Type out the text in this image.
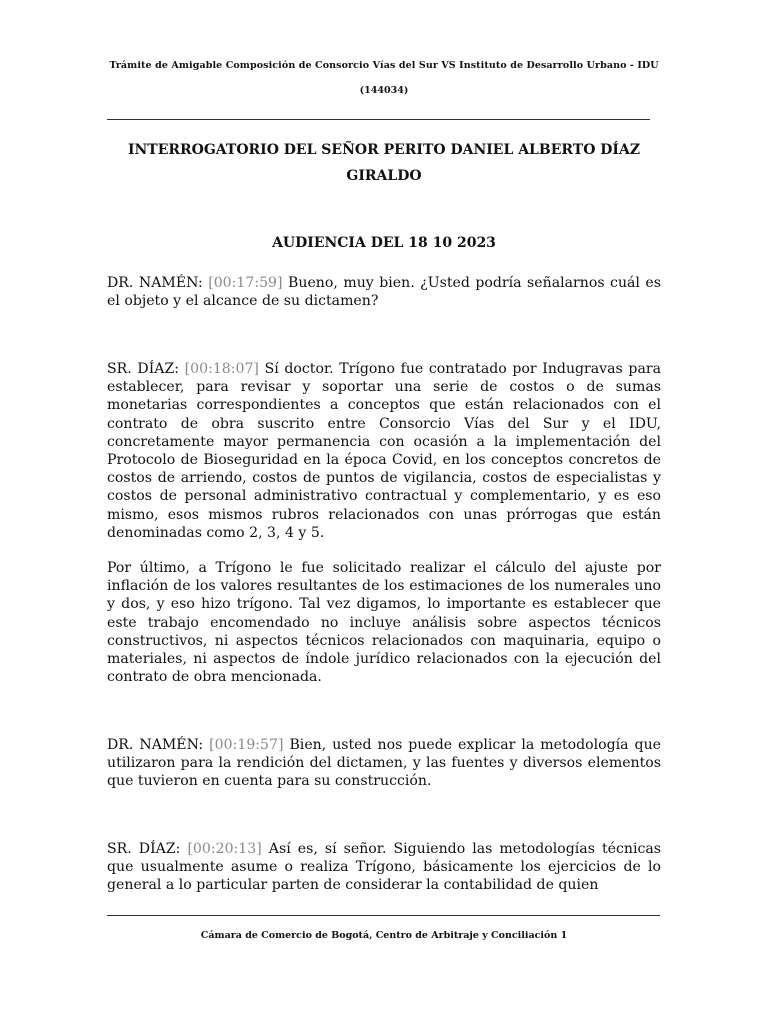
Trámite de Amigable Composición de Consorcio Vías del Sur VS Instituto de Desarrollo Urbano - IDU
(144034)
INTERROGATORIO DEL SEÑOR PERITO DANIEL ALBERTO DÍAZ GIRALDO
AUDIENCIA DEL 18 10 2023

DR. NAMÉN: [00:17:59] Bueno, muy bien. ¿Usted podría señalarnos cuál es el objeto y el alcance de su dictamen?

SR. DÍAZ: [00:18:07] Sí doctor. Trígono fue contratado por Indugravas para establecer, para revisar y soportar una serie de costos o de sumas monetarias correspondientes a conceptos que están relacionados con el contrato de obra suscrito entre Consorcio Vías del Sur y el IDU, concretamente mayor permanencia con ocasión a la implementación del Protocolo de Bioseguridad en la época Covid, en los conceptos concretos de costos de arriendo, costos de puntos de vigilancia, costos de especialistas y costos de personal administrativo contractual y complementario, y es eso mismo, esos mismos rubros relacionados con unas prórrogas que están denominadas como 2, 3, 4 y 5.

Por último, a Trígono le fue solicitado realizar el cálculo del ajuste por inflación de los valores resultantes de los estimaciones de los numerales uno y dos, y eso hizo trígono. Tal vez digamos, lo importante es establecer que este trabajo encomendado no incluye análisis sobre aspectos técnicos constructivos, ni aspectos técnicos relacionados con maquinaria, equipo o materiales, ni aspectos de índole jurídico relacionados con la ejecución del contrato de obra mencionada.

DR. NAMÉN: [00:19:57] Bien, usted nos puede explicar la metodología que utilizaron para la rendición del dictamen, y las fuentes y diversos elementos que tuvieron en cuenta para su construcción.

SR. DÍAZ: [00:20:13] Así es, sí señor. Siguiendo las metodologías técnicas que usualmente asume o realiza Trígono, básicamente los ejercicios de lo general a lo particular parten de considerar la contabilidad de quien

Cámara de Comercio de Bogotá, Centro de Arbitraje y Conciliación 1
